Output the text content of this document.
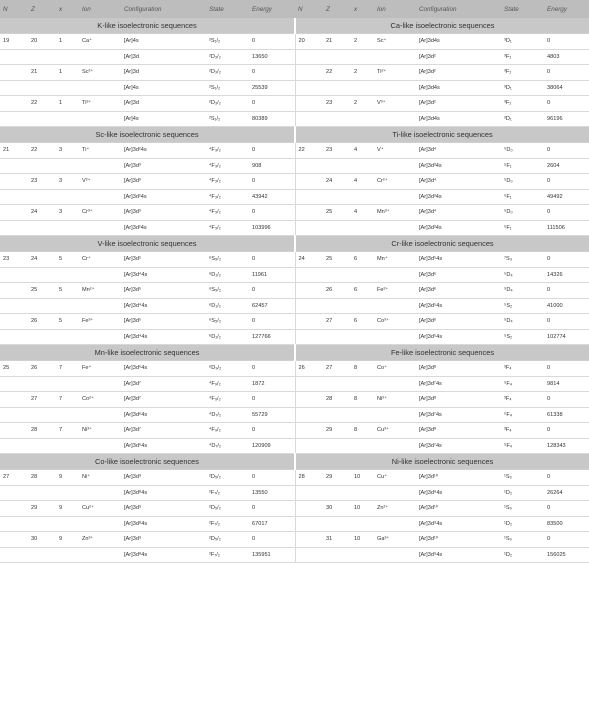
N	Z	x	Ion	Configuration	State	Energy	N	Z	x	Ion	Configuration	State	Energy
K-like isoelectronic sequences							Ca-like isoelectronic sequences						
19	20	1	Ca⁺	[Ar]4s	²S₁/₂	0	20	21	2	Sc⁺	[Ar]3d4s	³D₁	0
				[Ar]3d	²D₃/₂	13650					[Ar]3d²	³F₂	4803
	21	1	Sc²⁺	[Ar]3d	²D₃/₂	0		22	2	Ti²⁺	[Ar]3d²	³F₂	0
				[Ar]4s	²S₁/₂	25539					[Ar]3d4s	³D₁	38064
	22	1	Ti³⁺	[Ar]3d	²D₃/₂	0		23	2	V³⁺	[Ar]3d²	³F₂	0
				[Ar]4s	²S₁/₂	80389					[Ar]3d4s	³D₁	96196
Sc-like isoelectronic sequences							Ti-like isoelectronic sequences						
21	22	3	Ti⁺	[Ar]3d²4s	⁴F₃/₂	0	22	23	4	V⁺	[Ar]3d⁴	⁵D₀	0
				[Ar]3d³	⁴F₃/₂	908					[Ar]3d³4s	⁵F₁	2604
	23	3	V²⁺	[Ar]3d³	⁴F₃/₂	0		24	4	Cr²⁺	[Ar]3d⁴	⁵D₀	0
				[Ar]3d²4s	⁴F₃/₂	43942					[Ar]3d³4s	⁵F₁	49492
	24	3	Cr³⁺	[Ar]3d³	⁴F₃/₂	0		25	4	Mn³⁺	[Ar]3d⁴	⁵D₀	0
				[Ar]3d²4s	⁴F₃/₂	103996					[Ar]3d³4s	⁵F₁	111506
V-like isoelectronic sequences							Cr-like isoelectronic sequences						
23	24	5	Cr⁺	[Ar]3d⁵	⁶S₅/₂	0	24	25	6	Mn⁺	[Ar]3d⁵4s	⁷S₃	0
				[Ar]3d⁴4s	⁶D₁/₂	11961					[Ar]3d⁶	⁵D₄	14326
	25	5	Mn²⁺	[Ar]3d⁵	⁶S₅/₂	0		26	6	Fe²⁺	[Ar]3d⁶	⁵D₄	0
				[Ar]3d⁴4s	⁶D₁/₂	62457					[Ar]3d⁵4s	⁵S₂	41000
	26	5	Fe³⁺	[Ar]3d⁵	⁶S₅/₂	0		27	6	Co³⁺	[Ar]3d⁶	⁵D₄	0
				[Ar]3d⁴4s	⁶D₁/₂	127766					[Ar]3d⁵4s	⁵S₂	102774
Mn-like isoelectronic sequences							Fe-like isoelectronic sequences						
25	26	7	Fe⁺	[Ar]3d⁶4s	⁶D₉/₂	0	26	27	8	Co⁺	[Ar]3d⁸	³F₄	0
				[Ar]3d⁷	⁴F₉/₂	1872					[Ar]3d⁷4s	⁵F₄	9814
	27	7	Co²⁺	[Ar]3d⁷	⁴F₉/₂	0		28	8	Ni²⁺	[Ar]3d⁸	³F₄	0
				[Ar]3d⁶4s	⁴D₇/₂	55729					[Ar]3d⁷4s	⁵F₄	61338
	28	7	Ni³⁺	[Ar]3d⁷	⁴F₉/₂	0		29	8	Cu³⁺	[Ar]3d⁸	³F₄	0
				[Ar]3d⁶4s	⁴D₇/₂	120909					[Ar]3d⁷4s	⁵F₄	128343
Co-like isoelectronic sequences							Ni-like isoelectronic sequences						
27	28	9	Ni⁺	[Ar]3d⁹	²D₅/₂	0	28	29	10	Cu⁺	[Ar]3d¹⁰	¹S₀	0
				[Ar]3d⁸4s	²F₇/₂	13550					[Ar]3d⁹4s	¹D₂	26264
	29	9	Cu²⁺	[Ar]3d⁹	²D₅/₂	0		30	10	Zn²⁺	[Ar]3d¹⁰	¹S₀	0
				[Ar]3d⁸4s	²F₇/₂	67017					[Ar]3d⁹4s	¹D₂	83500
	30	9	Zn³⁺	[Ar]3d⁹	²D₅/₂	0		31	10	Ga³⁺	[Ar]3d¹⁰	¹S₀	0
				[Ar]3d⁸4s	²F₇/₂	135951					[Ar]3d⁹4s	¹D₂	156025
